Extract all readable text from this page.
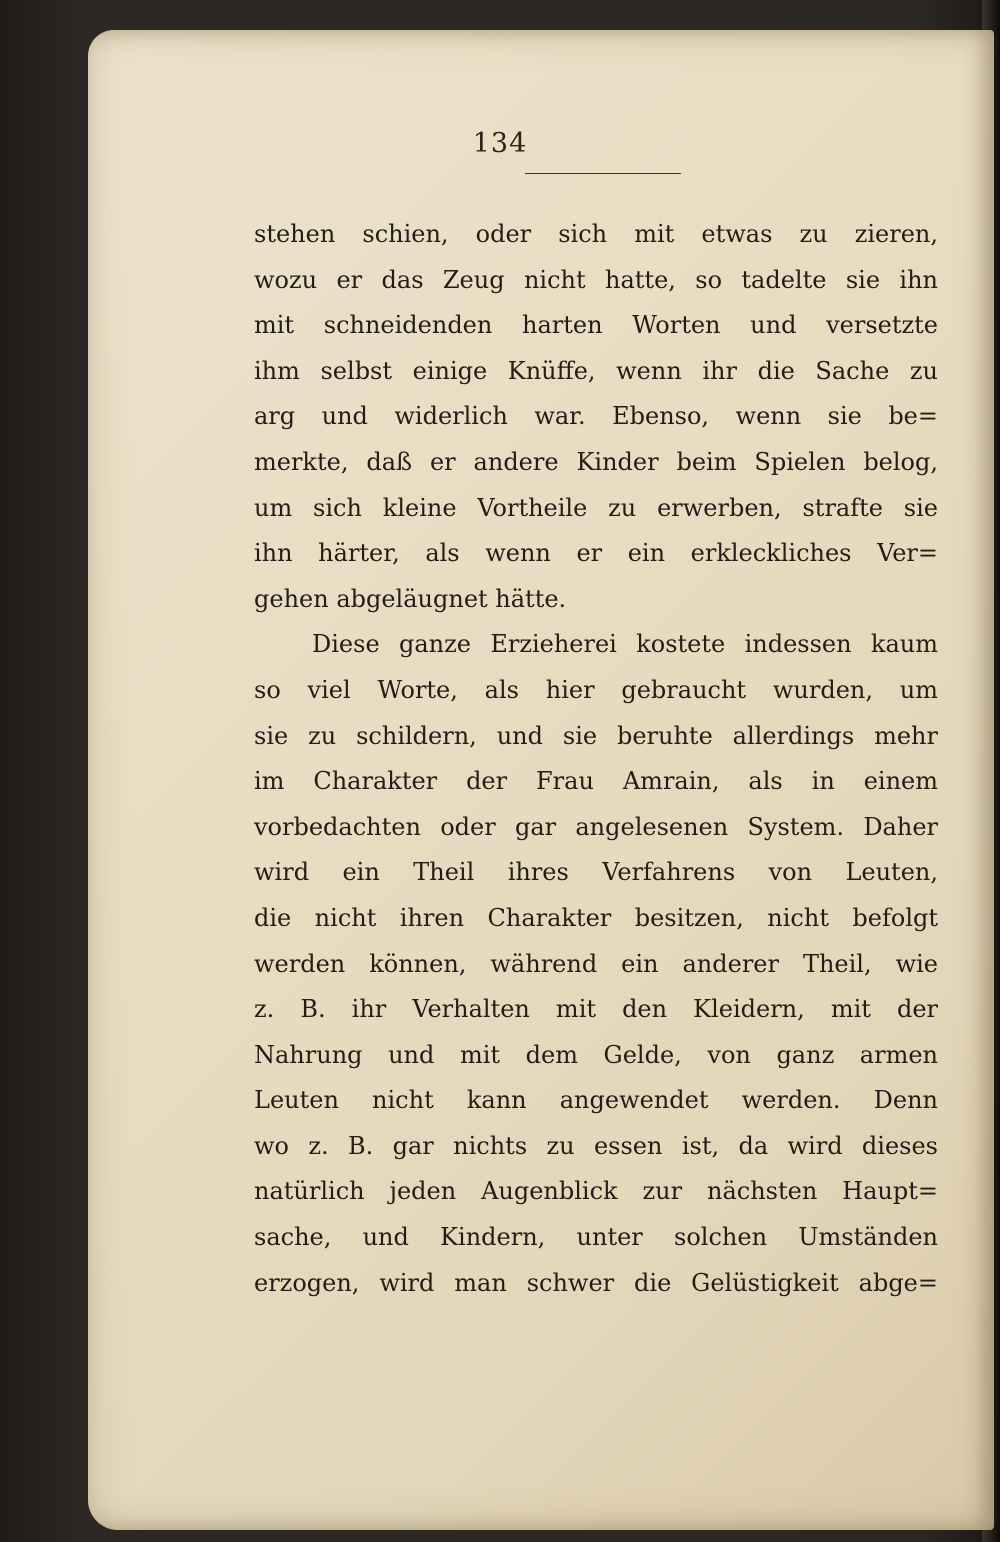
134
stehen schien, oder sich mit etwas zu zieren,
wozu er das Zeug nicht hatte, so tadelte sie ihn
mit schneidenden harten Worten und versetzte
ihm selbst einige Knüffe, wenn ihr die Sache zu
arg und widerlich war. Ebenso, wenn sie be=
merkte, daß er andere Kinder beim Spielen belog,
um sich kleine Vortheile zu erwerben, strafte sie
ihn härter, als wenn er ein erkleckliches Ver=
gehen abgeläugnet hätte.
Diese ganze Erzieherei kostete indessen kaum
so viel Worte, als hier gebraucht wurden, um
sie zu schildern, und sie beruhte allerdings mehr
im Charakter der Frau Amrain, als in einem
vorbedachten oder gar angelesenen System. Daher
wird ein Theil ihres Verfahrens von Leuten,
die nicht ihren Charakter besitzen, nicht befolgt
werden können, während ein anderer Theil, wie
z. B. ihr Verhalten mit den Kleidern, mit der
Nahrung und mit dem Gelde, von ganz armen
Leuten nicht kann angewendet werden. Denn
wo z. B. gar nichts zu essen ist, da wird dieses
natürlich jeden Augenblick zur nächsten Haupt=
sache, und Kindern, unter solchen Umständen
erzogen, wird man schwer die Gelüstigkeit abge=
